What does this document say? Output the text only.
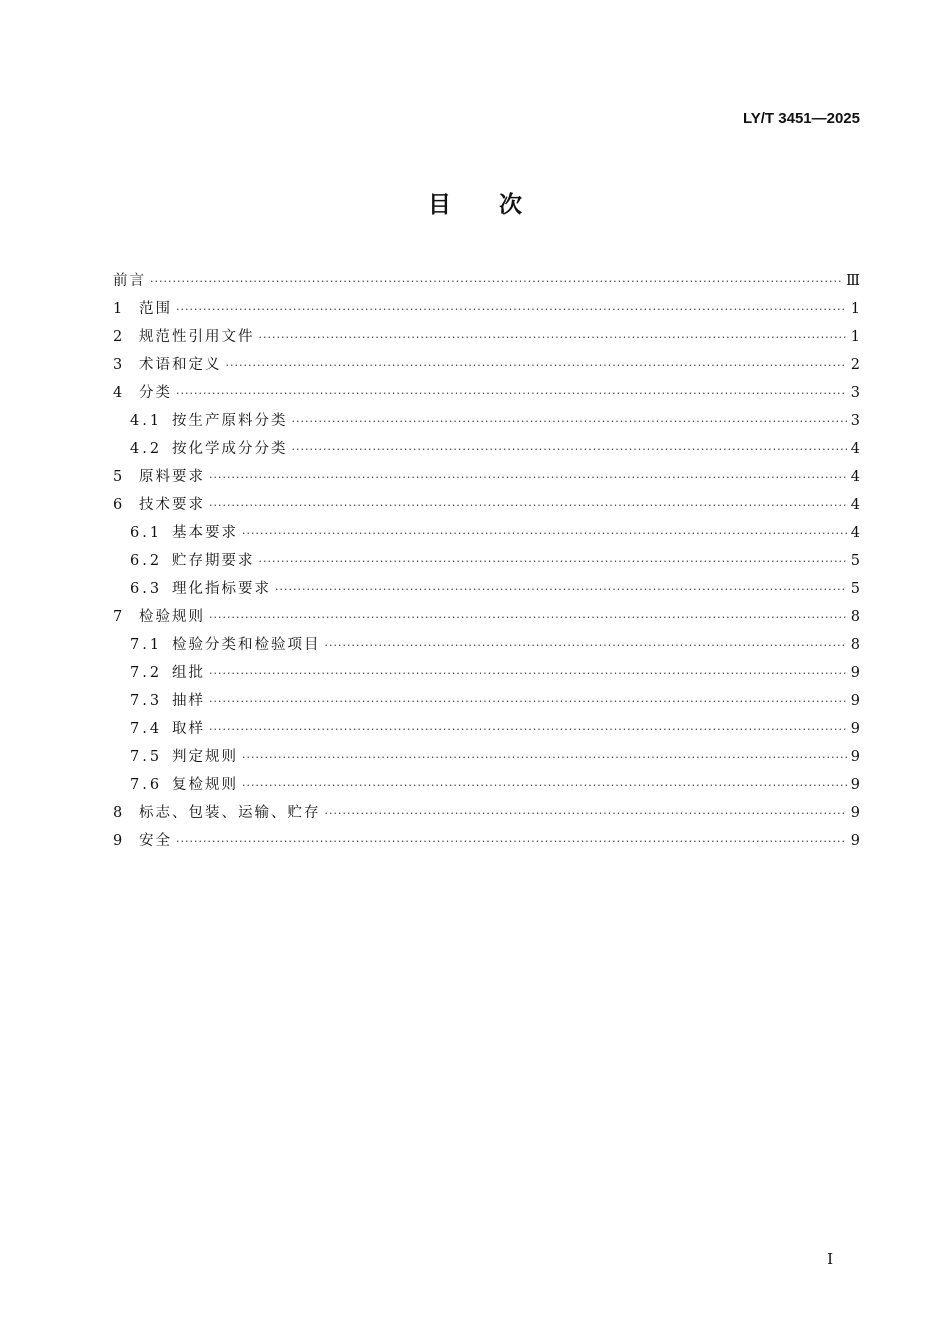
LY/T 3451—2025
目次
前言 ·····	Ⅲ
1	范围 ·····	1
2	规范性引用文件 ·····	1
3	术语和定义 ·····	2
4	分类 ·····	3
4.1 按生产原料分类 ·····	3
4.2 按化学成分分类 ·····	4
5	原料要求 ·····	4
6	技术要求 ·····	4
6.1 基本要求 ·····	4
6.2 贮存期要求 ·····	5
6.3 理化指标要求 ·····	5
7	检验规则 ·····	8
7.1 检验分类和检验项目 ·····	8
7.2 组批 ·····	9
7.3 抽样 ·····	9
7.4 取样 ·····	9
7.5 判定规则 ·····	9
7.6 复检规则 ·····	9
8	标志、包装、运输、贮存 ·····	9
9	安全 ·····	9
I
